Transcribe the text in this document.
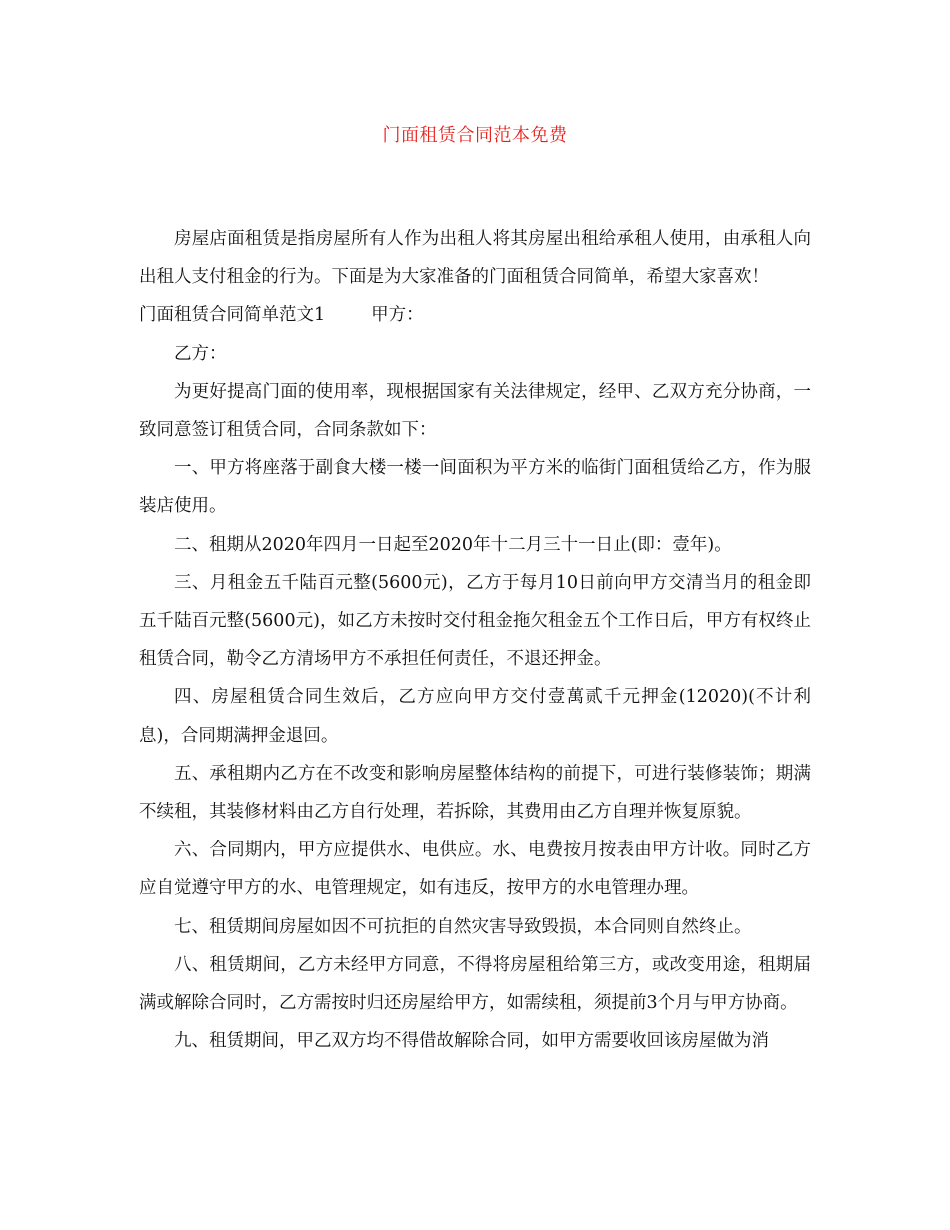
门面租赁合同范本免费

房屋店面租赁是指房屋所有人作为出租人将其房屋出租给承租人使用，由承租人向出租人支付租金的行为。下面是为大家准备的门面租赁合同简单，希望大家喜欢！

门面租赁合同简单范文1	甲方：

乙方：

为更好提高门面的使用率，现根据国家有关法律规定，经甲、乙双方充分协商，一致同意签订租赁合同，合同条款如下：

一、甲方将座落于副食大楼一楼一间面积为平方米的临街门面租赁给乙方，作为服装店使用。

二、租期从2020年四月一日起至2020年十二月三十一日止(即：壹年)。

三、月租金五千陆百元整(5600元)，乙方于每月10日前向甲方交清当月的租金即五千陆百元整(5600元)，如乙方未按时交付租金拖欠租金五个工作日后，甲方有权终止租赁合同，勒令乙方清场甲方不承担任何责任，不退还押金。

四、房屋租赁合同生效后，乙方应向甲方交付壹萬贰千元押金(12020)(不计利息)，合同期满押金退回。

五、承租期内乙方在不改变和影响房屋整体结构的前提下，可进行装修装饰；期满不续租，其装修材料由乙方自行处理，若拆除，其费用由乙方自理并恢复原貌。

六、合同期内，甲方应提供水、电供应。水、电费按月按表由甲方计收。同时乙方应自觉遵守甲方的水、电管理规定，如有违反，按甲方的水电管理办理。

七、租赁期间房屋如因不可抗拒的自然灾害导致毁损，本合同则自然终止。

八、租赁期间，乙方未经甲方同意，不得将房屋租给第三方，或改变用途，租期届满或解除合同时，乙方需按时归还房屋给甲方，如需续租，须提前3个月与甲方协商。

九、租赁期间，甲乙双方均不得借故解除合同，如甲方需要收回该房屋做为消
